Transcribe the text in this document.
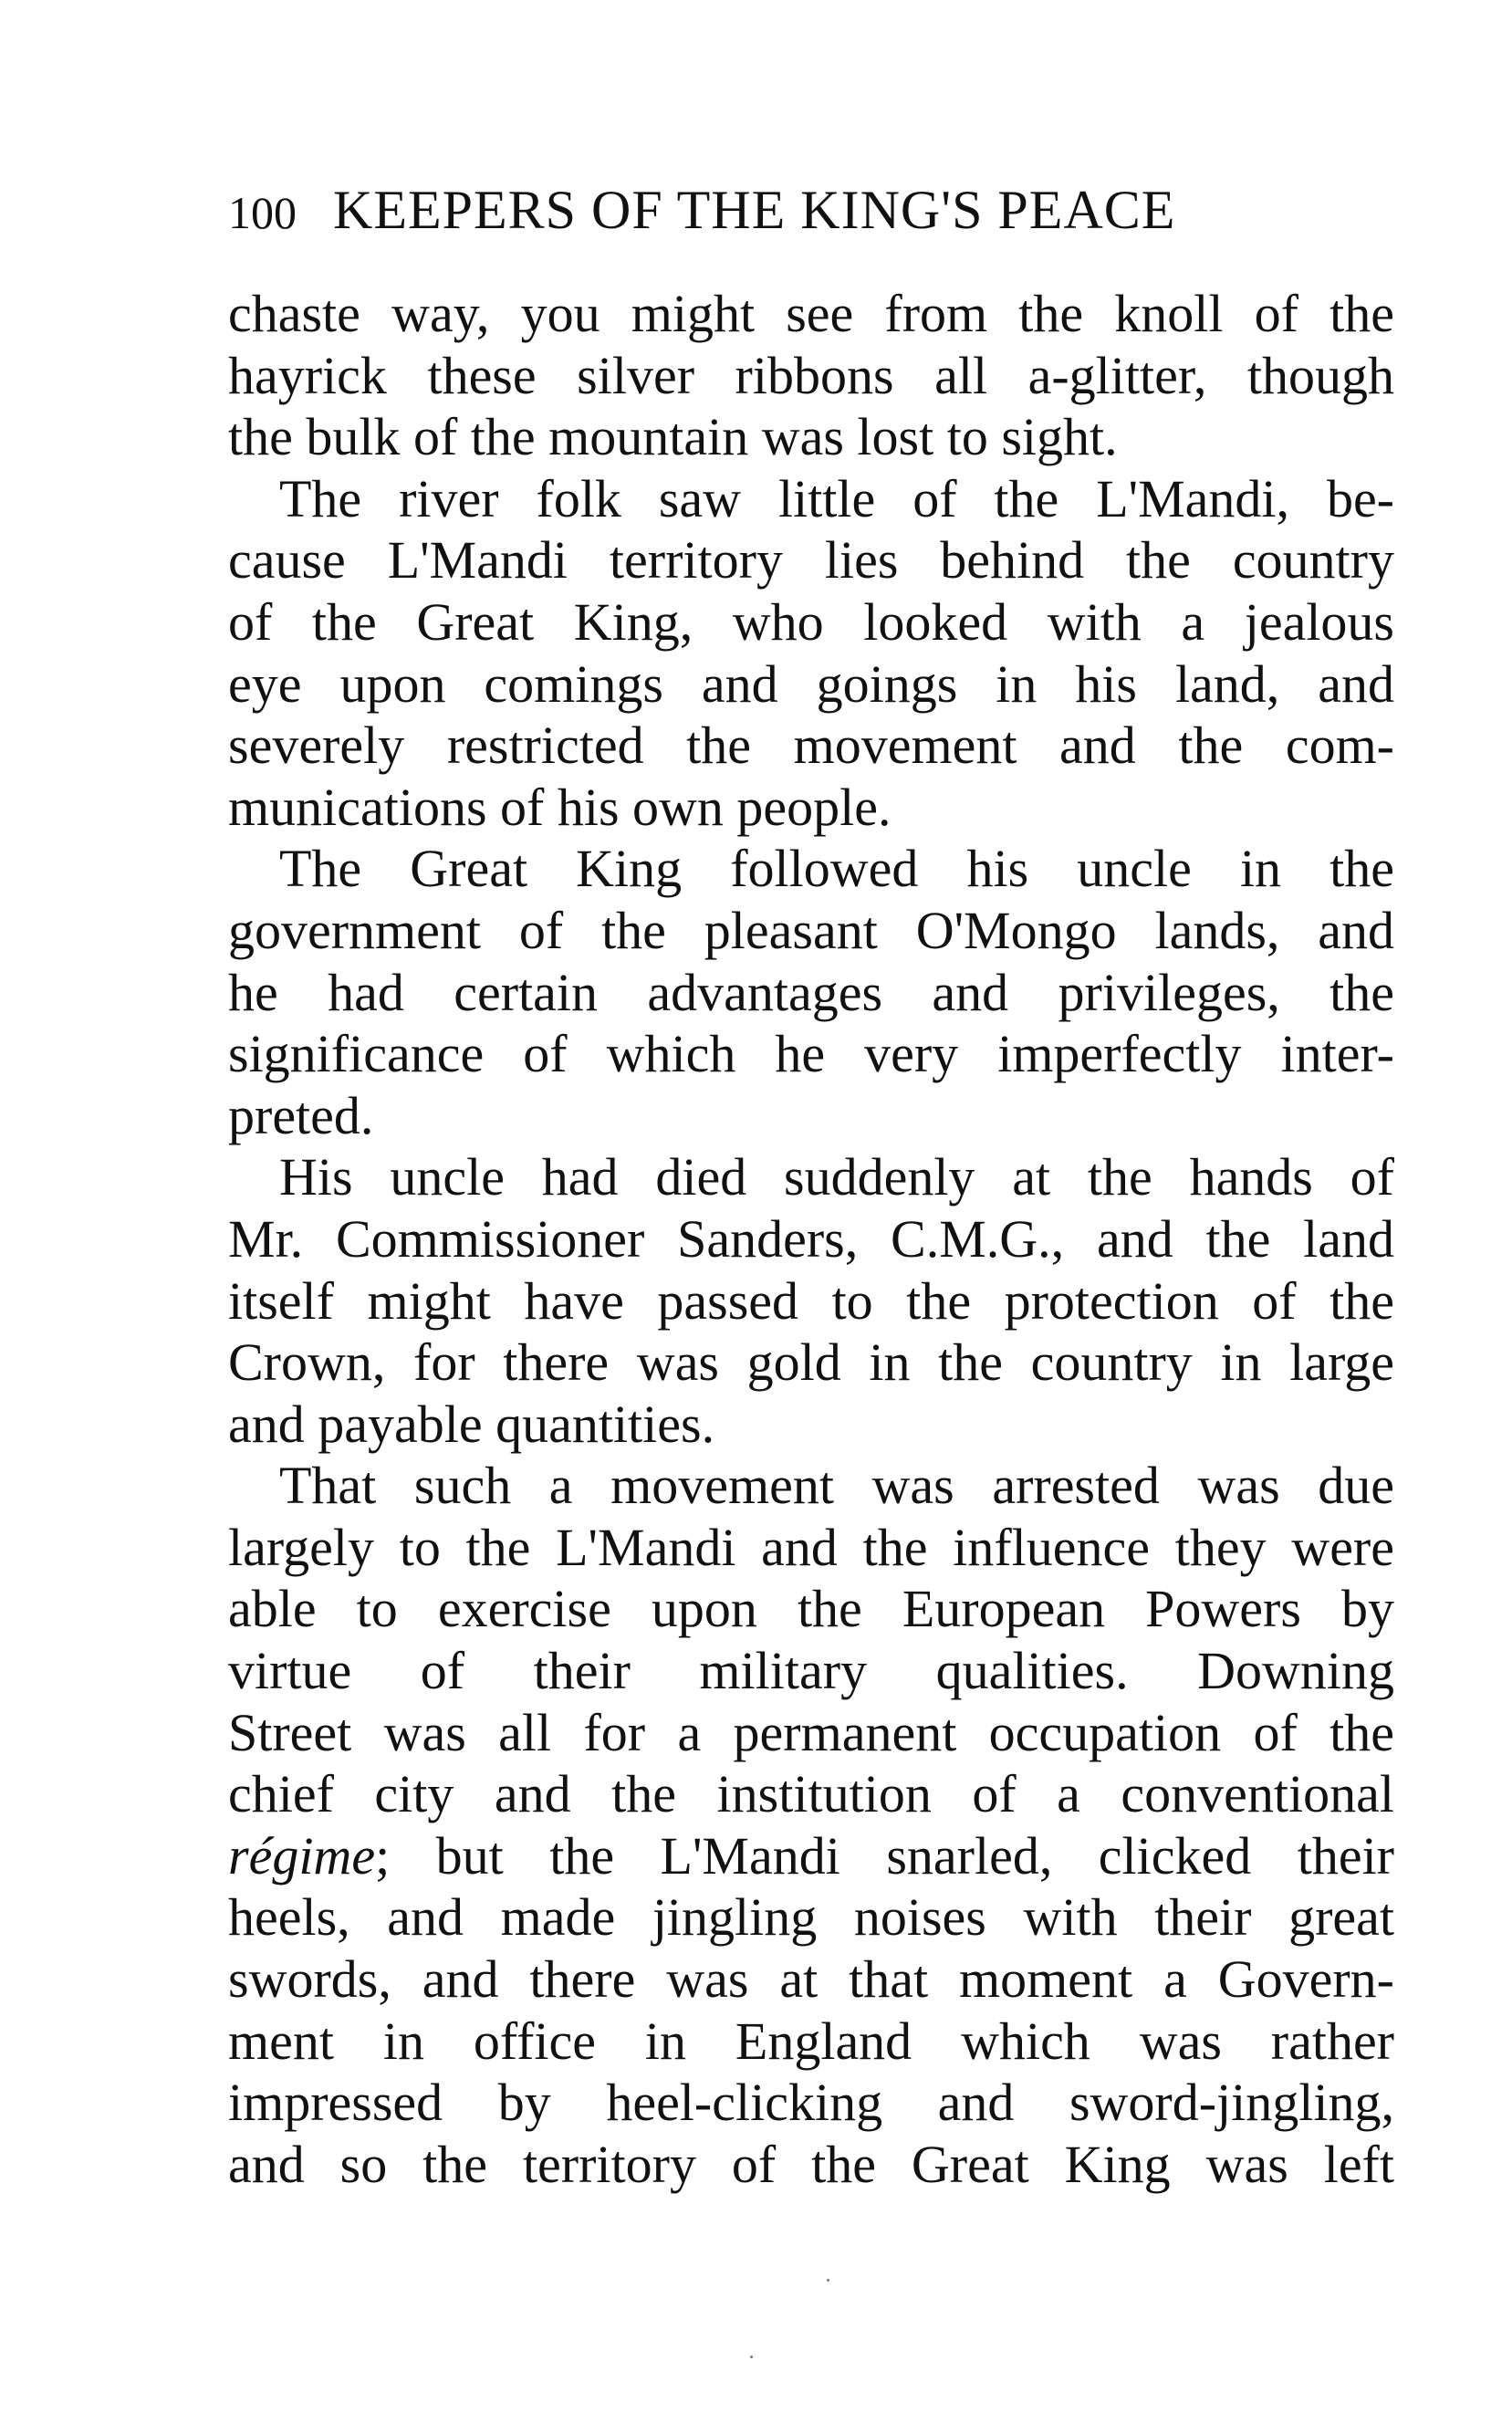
100 KEEPERS OF THE KING'S PEACE
chaste way, you might see from the knoll of the
hayrick these silver ribbons all a-glitter, though
the bulk of the mountain was lost to sight.
The river folk saw little of the L'Mandi, be-
cause L'Mandi territory lies behind the country
of the Great King, who looked with a jealous
eye upon comings and goings in his land, and
severely restricted the movement and the com-
munications of his own people.
The Great King followed his uncle in the
government of the pleasant O'Mongo lands, and
he had certain advantages and privileges, the
significance of which he very imperfectly inter-
preted.
His uncle had died suddenly at the hands of
Mr. Commissioner Sanders, C.M.G., and the land
itself might have passed to the protection of the
Crown, for there was gold in the country in large
and payable quantities.
That such a movement was arrested was due
largely to the L'Mandi and the influence they were
able to exercise upon the European Powers by
virtue of their military qualities. Downing
Street was all for a permanent occupation of the
chief city and the institution of a conventional
régime; but the L'Mandi snarled, clicked their
heels, and made jingling noises with their great
swords, and there was at that moment a Govern-
ment in office in England which was rather
impressed by heel-clicking and sword-jingling,
and so the territory of the Great King was left
